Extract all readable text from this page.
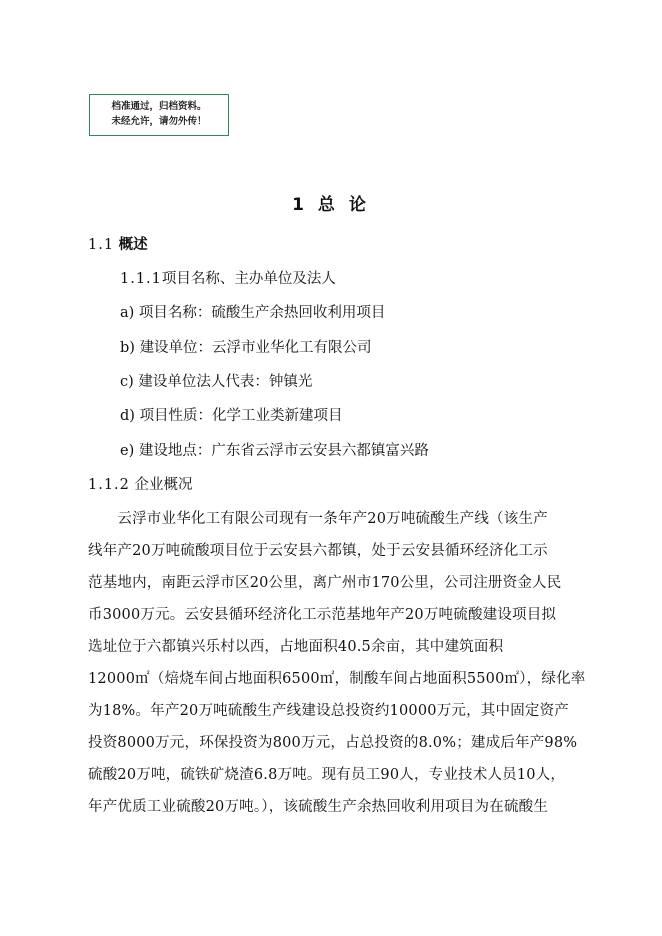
档准通过，归档资料。
未经允许，请勿外传！
1 总 论
1.1 概述
1.1.1项目名称、主办单位及法人
a) 项目名称：硫酸生产余热回收利用项目
b) 建设单位：云浮市业华化工有限公司
c) 建设单位法人代表：钟镇光
d) 项目性质：化学工业类新建项目
e) 建设地点：广东省云浮市云安县六都镇富兴路
1.1.2 企业概况
　　云浮市业华化工有限公司现有一条年产20万吨硫酸生产线（该生产
线年产20万吨硫酸项目位于云安县六都镇，处于云安县循环经济化工示
范基地内，南距云浮市区20公里，离广州市170公里，公司注册资金人民
币3000万元。云安县循环经济化工示范基地年产20万吨硫酸建设项目拟
选址位于六都镇兴乐村以西，占地面积40.5余亩，其中建筑面积
12000㎡（焙烧车间占地面积6500㎡，制酸车间占地面积5500㎡），绿化率
为18%。年产20万吨硫酸生产线建设总投资约10000万元，其中固定资产
投资8000万元，环保投资为800万元，占总投资的8.0%；建成后年产98%
硫酸20万吨，硫铁矿烧渣6.8万吨。现有员工90人，专业技术人员10人，
年产优质工业硫酸20万吨。），该硫酸生产余热回收利用项目为在硫酸生
